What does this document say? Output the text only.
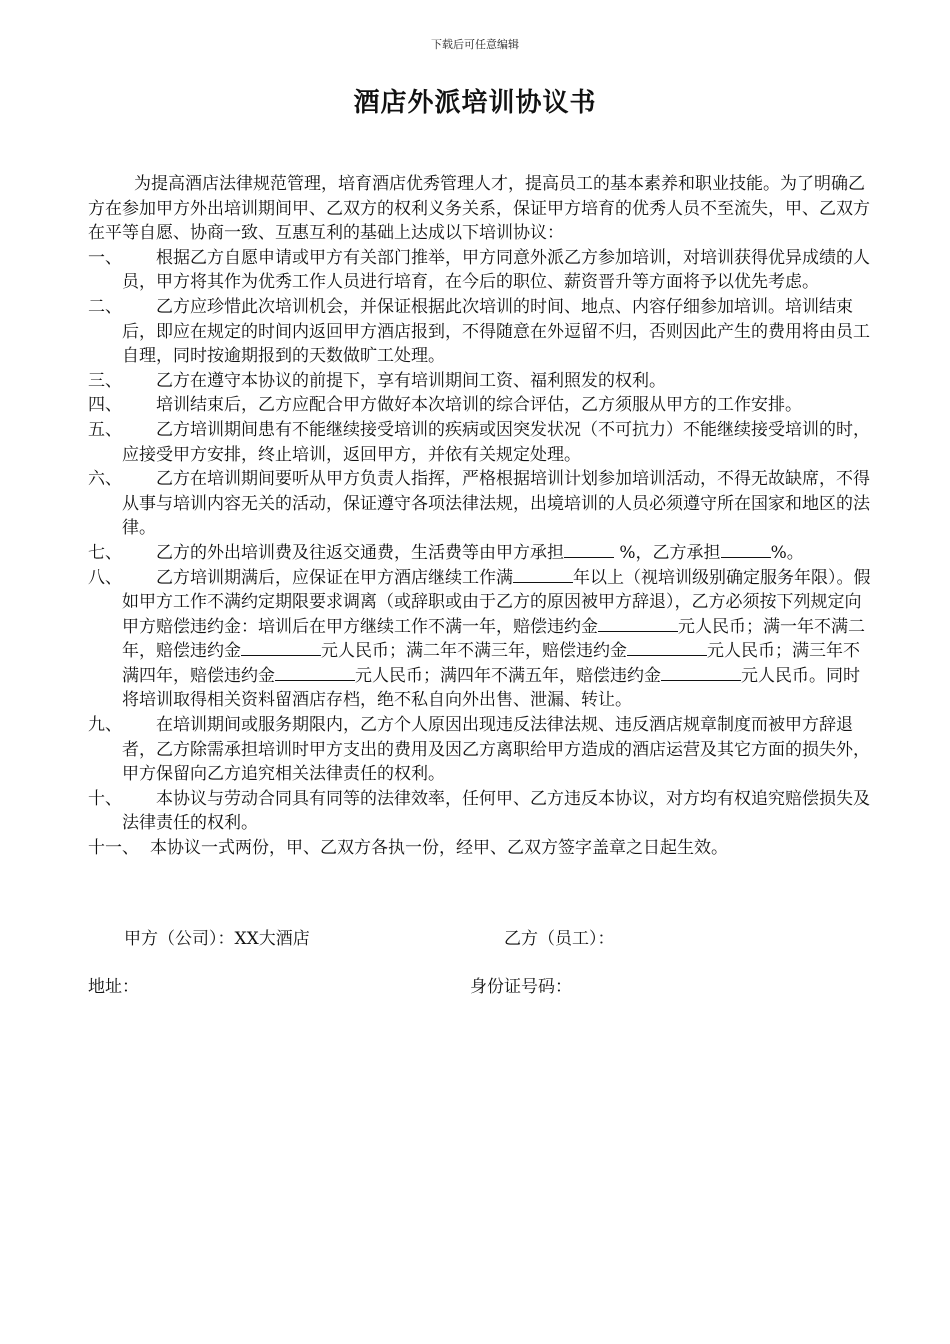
下载后可任意编辑
酒店外派培训协议书

为提高酒店法律规范管理，培育酒店优秀管理人才，提高员工的基本素养和职业技能。为了明确乙方在参加甲方外出培训期间甲、乙双方的权利义务关系，保证甲方培育的优秀人员不至流失，甲、乙双方在平等自愿、协商一致、互惠互利的基础上达成以下培训协议：

一、	根据乙方自愿申请或甲方有关部门推举，甲方同意外派乙方参加培训，对培训获得优异成绩的人员，甲方将其作为优秀工作人员进行培育，在今后的职位、薪资晋升等方面将予以优先考虑。
二、	乙方应珍惜此次培训机会，并保证根据此次培训的时间、地点、内容仔细参加培训。培训结束后，即应在规定的时间内返回甲方酒店报到，不得随意在外逗留不归，否则因此产生的费用将由员工自理，同时按逾期报到的天数做旷工处理。
三、	乙方在遵守本协议的前提下，享有培训期间工资、福利照发的权利。
四、	培训结束后，乙方应配合甲方做好本次培训的综合评估，乙方须服从甲方的工作安排。
五、	乙方培训期间患有不能继续接受培训的疾病或因突发状况（不可抗力）不能继续接受培训的时，应接受甲方安排，终止培训，返回甲方，并依有关规定处理。
六、	乙方在培训期间要听从甲方负责人指挥，严格根据培训计划参加培训活动，不得无故缺席，不得从事与培训内容无关的活动，保证遵守各项法律法规，出境培训的人员必须遵守所在国家和地区的法律。
七、	乙方的外出培训费及往返交通费，生活费等由甲方承担	%，乙方承担	%。
八、	乙方培训期满后，应保证在甲方酒店继续工作满	年以上（视培训级别确定服务年限）。假如甲方工作不满约定期限要求调离（或辞职或由于乙方的原因被甲方辞退），乙方必须按下列规定向甲方赔偿违约金：培训后在甲方继续工作不满一年，赔偿违约金	元人民币；满一年不满二年，赔偿违约金	元人民币；满二年不满三年，赔偿违约金	元人民币；满三年不满四年，赔偿违约金	元人民币；满四年不满五年，赔偿违约金	元人民币。同时将培训取得相关资料留酒店存档，绝不私自向外出售、泄漏、转让。
九、	在培训期间或服务期限内，乙方个人原因出现违反法律法规、违反酒店规章制度而被甲方辞退者，乙方除需承担培训时甲方支出的费用及因乙方离职给甲方造成的酒店运营及其它方面的损失外，甲方保留向乙方追究相关法律责任的权利。
十、	本协议与劳动合同具有同等的法律效率，任何甲、乙方违反本协议，对方均有权追究赔偿损失及法律责任的权利。
十一、 本协议一式两份，甲、乙双方各执一份，经甲、乙双方签字盖章之日起生效。
甲方（公司）：XX大酒店	乙方（员工）：
地址：	身份证号码：
